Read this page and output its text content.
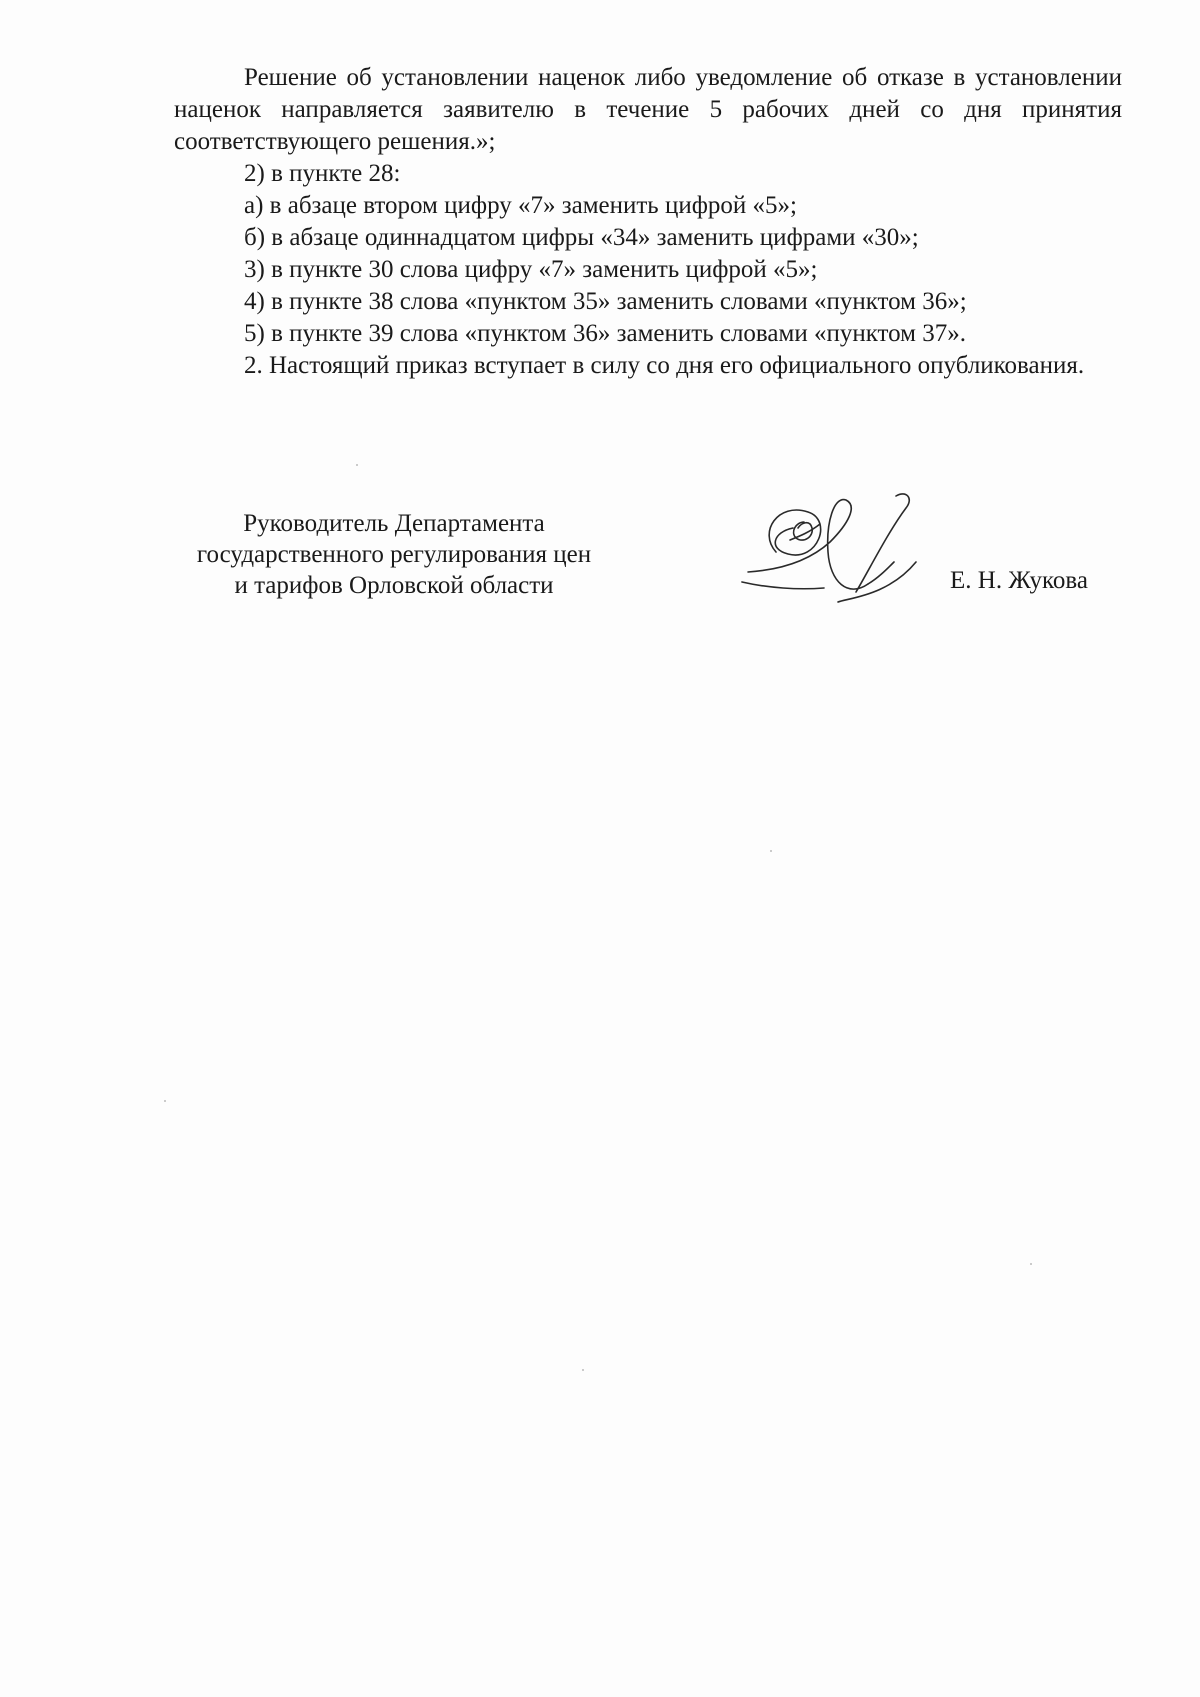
Решение об установлении наценок либо уведомление об отказе в установлении наценок направляется заявителю в течение 5 рабочих дней со дня принятия соответствующего решения.»;

2) в пункте 28:

а) в абзаце втором цифру «7» заменить цифрой «5»;

б) в абзаце одиннадцатом цифры «34» заменить цифрами «30»;

3) в пункте 30 слова цифру «7» заменить цифрой «5»;

4) в пункте 38 слова «пунктом 35» заменить словами «пунктом 36»;

5) в пункте 39 слова «пунктом 36» заменить словами «пунктом 37».

2. Настоящий приказ вступает в силу со дня его официального опубликования.

Руководитель Департамента
государственного регулирования цен
и тарифов Орловской области	Е. Н. Жукова
